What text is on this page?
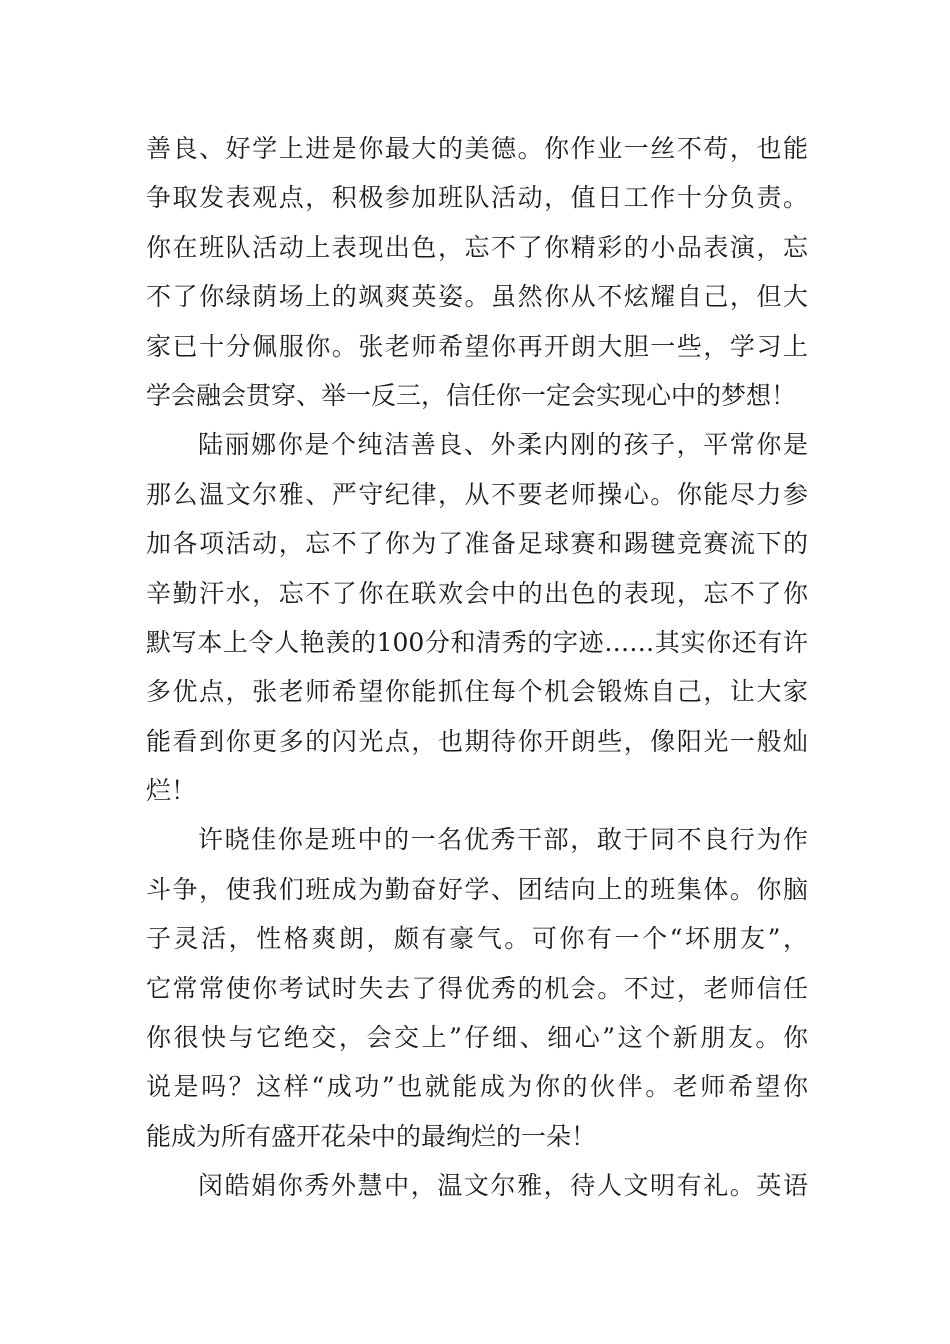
善良、好学上进是你最大的美德。你作业一丝不苟，也能
争取发表观点，积极参加班队活动，值日工作十分负责。
你在班队活动上表现出色，忘不了你精彩的小品表演，忘
不了你绿荫场上的飒爽英姿。虽然你从不炫耀自己，但大
家已十分佩服你。张老师希望你再开朗大胆一些，学习上
学会融会贯穿、举一反三，信任你一定会实现心中的梦想！
陆丽娜你是个纯洁善良、外柔内刚的孩子，平常你是
那么温文尔雅、严守纪律，从不要老师操心。你能尽力参
加各项活动，忘不了你为了准备足球赛和踢毽竞赛流下的
辛勤汗水，忘不了你在联欢会中的出色的表现，忘不了你
默写本上令人艳羡的100分和清秀的字迹……其实你还有许
多优点，张老师希望你能抓住每个机会锻炼自己，让大家
能看到你更多的闪光点，也期待你开朗些，像阳光一般灿
烂！
许晓佳你是班中的一名优秀干部，敢于同不良行为作
斗争，使我们班成为勤奋好学、团结向上的班集体。你脑
子灵活，性格爽朗，颇有豪气。可你有一个“坏朋友”，
它常常使你考试时失去了得优秀的机会。不过，老师信任
你很快与它绝交，会交上”仔细、细心”这个新朋友。你
说是吗？这样“成功”也就能成为你的伙伴。老师希望你
能成为所有盛开花朵中的最绚烂的一朵！
闵皓娟你秀外慧中，温文尔雅，待人文明有礼。英语
